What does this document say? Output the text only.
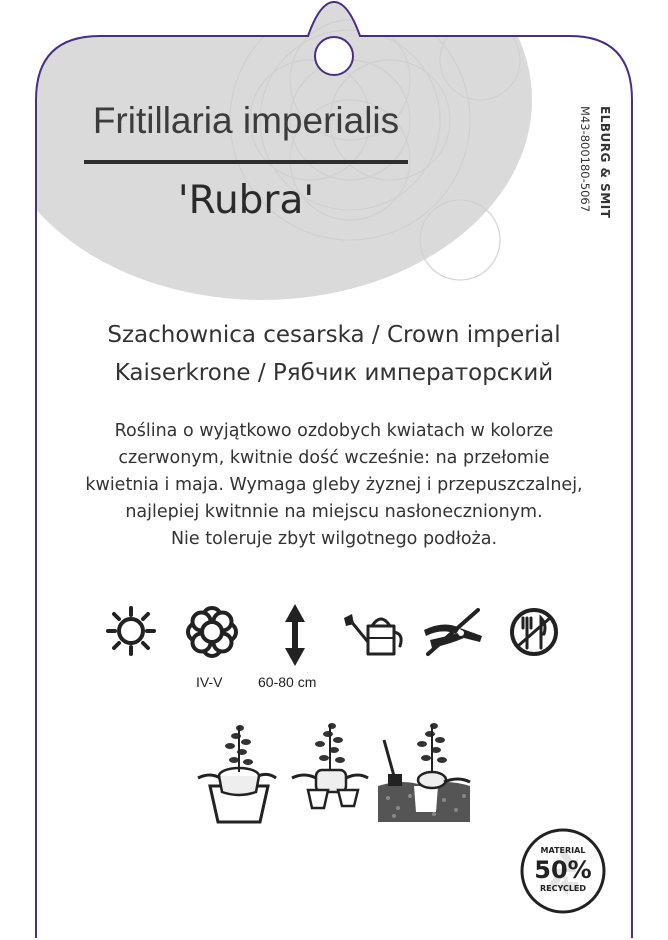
Fritillaria imperialis
'Rubra'	ELBURG & SMIT
M43-800180-5067
Szachownica cesarska / Crown imperial
Kaiserkrone / Рябчик императорский
Roślina o wyjątkowo ozdobych kwiatach w kolorze
czerwonym, kwitnie dość wcześnie: na przełomie
kwietnia i maja. Wymaga gleby żyznej i przepuszczalnej,
najlepiej kwitnnie na miejscu nasłonecznionym.
Nie toleruje zbyt wilgotnego podłoża.
IV-V	60-80 cm
MATERIAL
50%
RECYCLED
